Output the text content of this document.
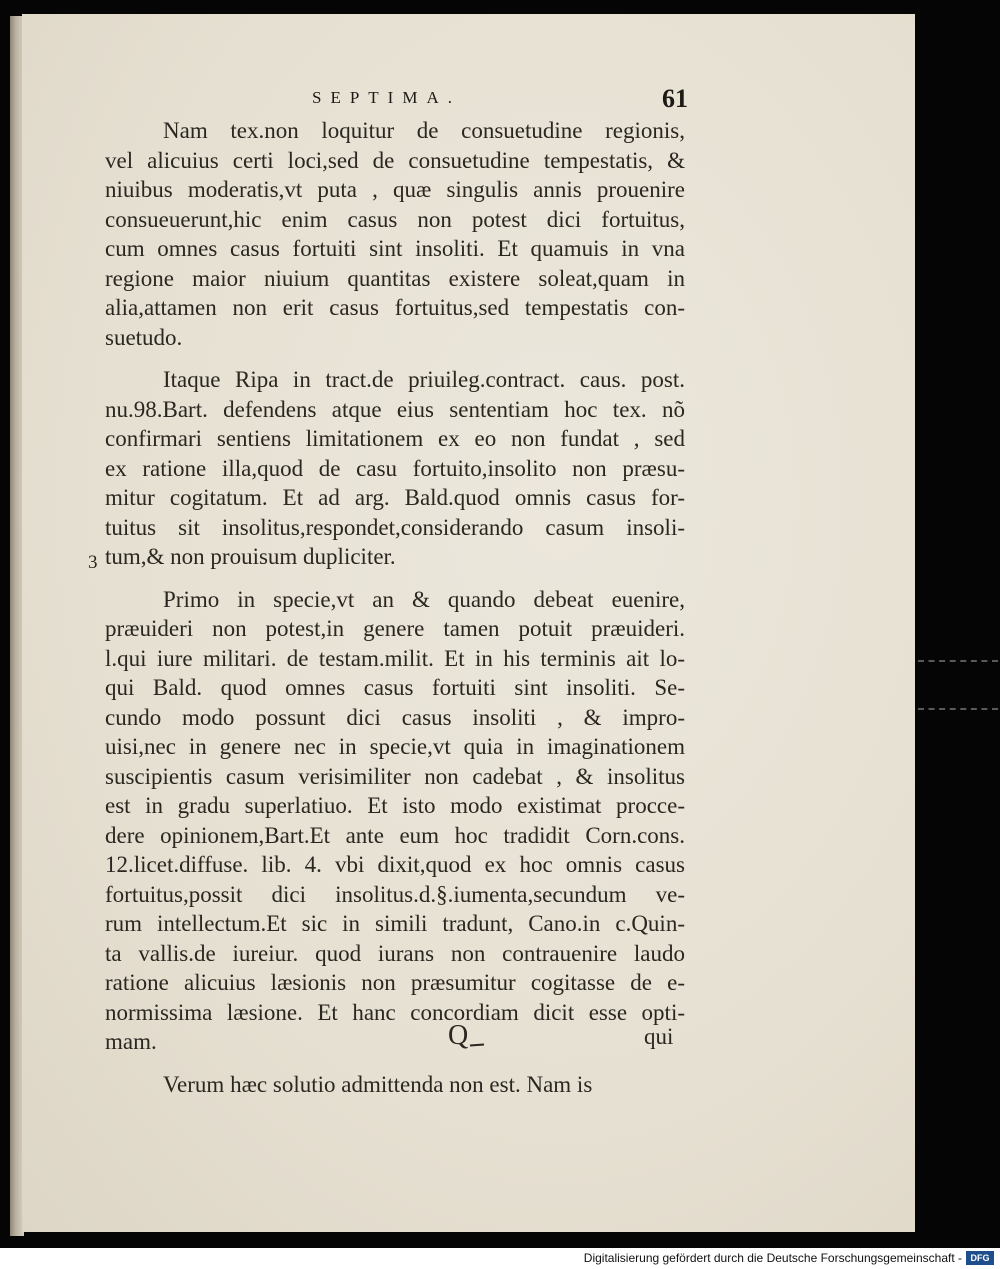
SEPTIMA.	61
3
Nam tex.non loquitur de consuetudine regionis,
vel alicuius certi loci,sed de consuetudine tempestatis, &
niuibus moderatis,vt puta , quæ singulis annis prouenire
consueuerunt,hic enim casus non potest dici fortuitus,
cum omnes casus fortuiti sint insoliti. Et quamuis in vna
regione maior niuium quantitas existere soleat,quam in
alia,attamen non erit casus fortuitus,sed tempestatis con-
suetudo.
Itaque Ripa in tract.de priuileg.contract. caus. post.
nu.98.Bart. defendens atque eius sententiam hoc tex. nõ
confirmari sentiens limitationem ex eo non fundat , sed
ex ratione illa,quod de casu fortuito,insolito non præsu-
mitur cogitatum. Et ad arg. Bald.quod omnis casus for-
tuitus sit insolitus,respondet,considerando casum insoli-
tum,& non prouisum dupliciter.
Primo in specie,vt an & quando debeat euenire,
præuideri non potest,in genere tamen potuit præuideri.
l.qui iure militari. de testam.milit. Et in his terminis ait lo-
qui Bald. quod omnes casus fortuiti sint insoliti. Se-
cundo modo possunt dici casus insoliti , & impro-
uisi,nec in genere nec in specie,vt quia in imaginationem
suscipientis casum verisimiliter non cadebat , & insolitus
est in gradu superlatiuo. Et isto modo existimat procce-
dere opinionem,Bart.Et ante eum hoc tradidit Corn.cons.
12.licet.diffuse. lib. 4. vbi dixit,quod ex hoc omnis casus
fortuitus,possit dici insolitus.d.§.iumenta,secundum ve-
rum intellectum.Et sic in simili tradunt, Cano.in c.Quin-
ta vallis.de iureiur. quod iurans non contrauenire laudo
ratione alicuius læsionis non præsumitur cogitasse de e-
normissima læsione. Et hanc concordiam dicit esse opti-
mam.
Verum hæc solutio admittenda non est. Nam is
Q	qui
Digitalisierung gefördert durch die Deutsche Forschungsgemeinschaft - DFG
